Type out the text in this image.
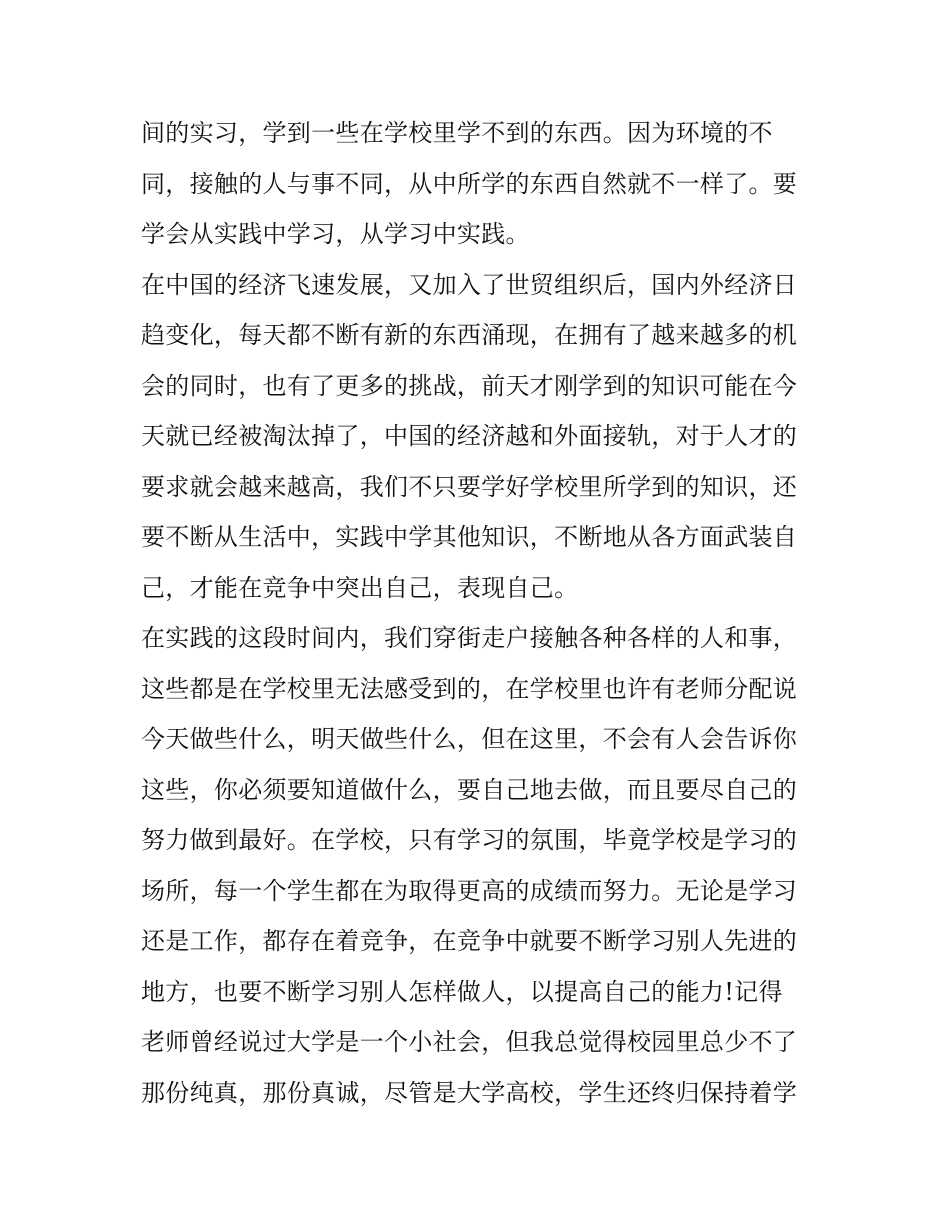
间的实习，学到一些在学校里学不到的东西。因为环境的不
同，接触的人与事不同，从中所学的东西自然就不一样了。要
学会从实践中学习，从学习中实践。
在中国的经济飞速发展，又加入了世贸组织后，国内外经济日
趋变化，每天都不断有新的东西涌现，在拥有了越来越多的机
会的同时，也有了更多的挑战，前天才刚学到的知识可能在今
天就已经被淘汰掉了，中国的经济越和外面接轨，对于人才的
要求就会越来越高，我们不只要学好学校里所学到的知识，还
要不断从生活中，实践中学其他知识，不断地从各方面武装自
己，才能在竞争中突出自己，表现自己。
在实践的这段时间内，我们穿街走户接触各种各样的人和事，
这些都是在学校里无法感受到的，在学校里也许有老师分配说
今天做些什么，明天做些什么，但在这里，不会有人会告诉你
这些，你必须要知道做什么，要自己地去做，而且要尽自己的
努力做到最好。在学校，只有学习的氛围，毕竟学校是学习的
场所，每一个学生都在为取得更高的成绩而努力。无论是学习
还是工作，都存在着竞争，在竞争中就要不断学习别人先进的
地方，也要不断学习别人怎样做人，以提高自己的能力!记得
老师曾经说过大学是一个小社会，但我总觉得校园里总少不了
那份纯真，那份真诚，尽管是大学高校，学生还终归保持着学
